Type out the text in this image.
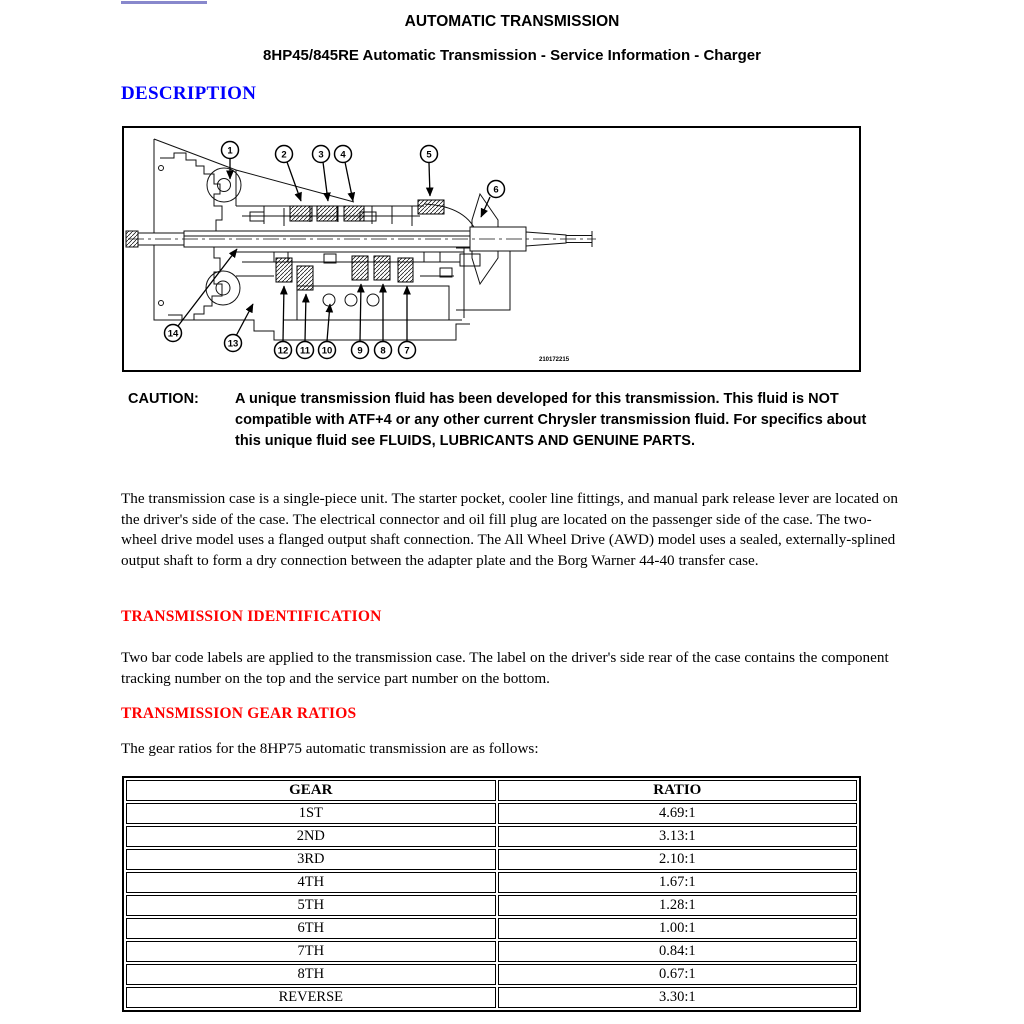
AUTOMATIC TRANSMISSION
8HP45/845RE Automatic Transmission - Service Information - Charger
DESCRIPTION
1	2	3 4	5
6
7
8
9
10
11
12
13
14
210172215
CAUTION:	A unique transmission fluid has been developed for this transmission. This fluid is NOT compatible with ATF+4 or any other current Chrysler transmission fluid. For specifics about this unique fluid see FLUIDS, LUBRICANTS AND GENUINE PARTS.

The transmission case is a single-piece unit. The starter pocket, cooler line fittings, and manual park release lever are located on the driver's side of the case. The electrical connector and oil fill plug are located on the passenger side of the case. The two-wheel drive model uses a flanged output shaft connection. The All Wheel Drive (AWD) model uses a sealed, externally-splined output shaft to form a dry connection between the adapter plate and the Borg Warner 44-40 transfer case.

TRANSMISSION IDENTIFICATION

Two bar code labels are applied to the transmission case. The label on the driver's side rear of the case contains the component tracking number on the top and the service part number on the bottom.

TRANSMISSION GEAR RATIOS

The gear ratios for the 8HP75 automatic transmission are as follows:

GEAR	RATIO
1ST	4.69:1
2ND	3.13:1
3RD	2.10:1
4TH	1.67:1
5TH	1.28:1
6TH	1.00:1
7TH	0.84:1
8TH	0.67:1
REVERSE	3.30:1
